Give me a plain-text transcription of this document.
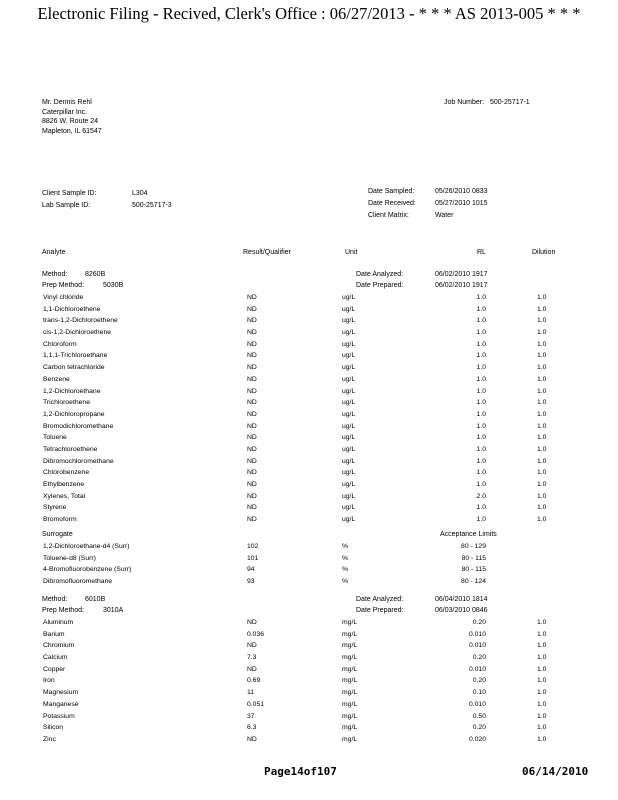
Electronic Filing - Recived, Clerk's Office : 06/27/2013 - * * * AS 2013-005 * * *
Mr. Dennis Rehl
Caterpillar Inc.
8826 W. Route 24
Mapleton, IL 61547
Job Number: 500-25717-1
Client Sample ID:	L304
Lab Sample ID:	500-25717-3
Date Sampled:	05/26/2010 0833
Date Received:	05/27/2010 1015
Client Matrix:	Water
Analyte	Result/Qualifier	Unit	RL	Dilution
Method:	8260B
Prep Method:	5030B
Date Analyzed:	06/02/2010 1917
Date Prepared:	06/02/2010 1917
Vinyl chloride	ND	ug/L	1.0	1.0
1,1-Dichloroethene	ND	ug/L	1.0	1.0
trans-1,2-Dichloroethene	ND	ug/L	1.0	1.0
cis-1,2-Dichloroethene	ND	ug/L	1.0	1.0
Chloroform	ND	ug/L	1.0	1.0
1,1,1-Trichloroethane	ND	ug/L	1.0	1.0
Carbon tetrachloride	ND	ug/L	1.0	1.0
Benzene	ND	ug/L	1.0	1.0
1,2-Dichloroethane	ND	ug/L	1.0	1.0
Trichloroethene	ND	ug/L	1.0	1.0
1,2-Dichloropropane	ND	ug/L	1.0	1.0
Bromodichloromethane	ND	ug/L	1.0	1.0
Toluene	ND	ug/L	1.0	1.0
Tetrachloroethene	ND	ug/L	1.0	1.0
Dibromochloromethane	ND	ug/L	1.0	1.0
Chlorobenzene	ND	ug/L	1.0	1.0
Ethylbenzene	ND	ug/L	1.0	1.0
Xylenes, Total	ND	ug/L	2.0	1.0
Styrene	ND	ug/L	1.0	1.0
Bromoform	ND	ug/L	1.0	1.0
Surrogate	Acceptance Limits
1,2-Dichloroethane-d4 (Surr)	102	%	80 - 129
Toluene-d8 (Surr)	101	%	80 - 115
4-Bromofluorobenzene (Surr)	94	%	80 - 115
Dibromofluoromethane	93	%	80 - 124
Method:	6010B
Prep Method:	3010A
Date Analyzed:	06/04/2010 1814
Date Prepared:	06/03/2010 0846
Aluminum	ND	mg/L	0.20	1.0
Barium	0.036	mg/L	0.010	1.0
Chromium	ND	mg/L	0.010	1.0
Calcium	7.3	mg/L	0.20	1.0
Copper	ND	mg/L	0.010	1.0
Iron	0.69	mg/L	0.20	1.0
Magnesium	11	mg/L	0.10	1.0
Manganese	0.051	mg/L	0.010	1.0
Potassium	37	mg/L	0.50	1.0
Silicon	6.3	mg/L	0.20	1.0
Zinc	ND	mg/L	0.020	1.0
Page14of107	06/14/2010
